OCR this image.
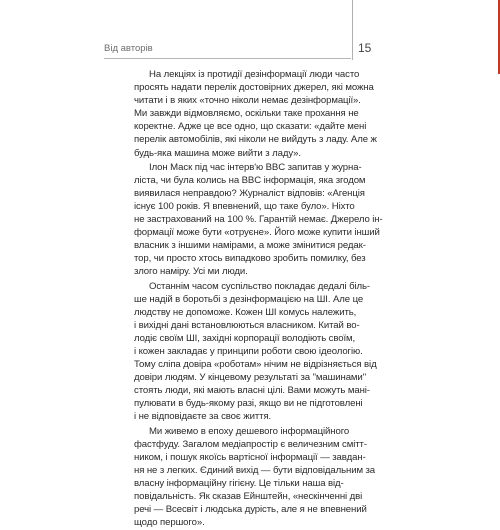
Від авторів	15
На лекціях із протидії дезінформації люди часто
просять надати перелік достовірних джерел, які можна
читати і в яких «точно ніколи немає дезінформації».
Ми завжди відмовляємо, оскільки таке прохання не
коректне. Адже це все одно, що сказати: «дайте мені
перелік автомобілів, які ніколи не вийдуть з ладу. Але ж
будь-яка машина може вийти з ладу».
Ілон Маск під час інтерв'ю BBC запитав у журна-
ліста, чи була колись на BBC інформація, яка згодом
виявилася неправдою? Журналіст відповів: «Агенція
існує 100 років. Я впевнений, що таке було». Ніхто
не застрахований на 100 %. Гарантій немає. Джерело ін-
формації може бути «отруєне». Його може купити інший
власник з іншими намірами, а може змінитися редак-
тор, чи просто хтось випадково зробить помилку, без
злого наміру. Усі ми люди.
Останнім часом суспільство покладає дедалі біль-
ше надій в боротьбі з дезінформацією на ШІ. Але це
людству не допоможе. Кожен ШІ комусь належить,
і вихідні дані встановлюються власником. Китай во-
лодіє своїм ШІ, західні корпорації володіють своїм,
і кожен закладає у принципи роботи свою ідеологію.
Тому сліпа довіра «роботам» нічим не відрізняється від
довіри людям. У кінцевому результаті за "машинами"
стоять люди, які мають власні цілі. Вами можуть мані-
пулювати в будь-якому разі, якщо ви не підготовлені
і не відповідаєте за своє життя.
Ми живемо в епоху дешевого інформаційного
фастфуду. Загалом медіапростір є величезним смітт-
ником, і пошук якоїсь вартісної інформації — завдан-
ня не з легких. Єдиний вихід — бути відповідальним за
власну інформаційну гігієну. Це тільки наша від-
повідальність. Як сказав Ейнштейн, «нескінченні дві
речі — Всесвіт і людська дурість, але я не впевнений
щодо першого».
